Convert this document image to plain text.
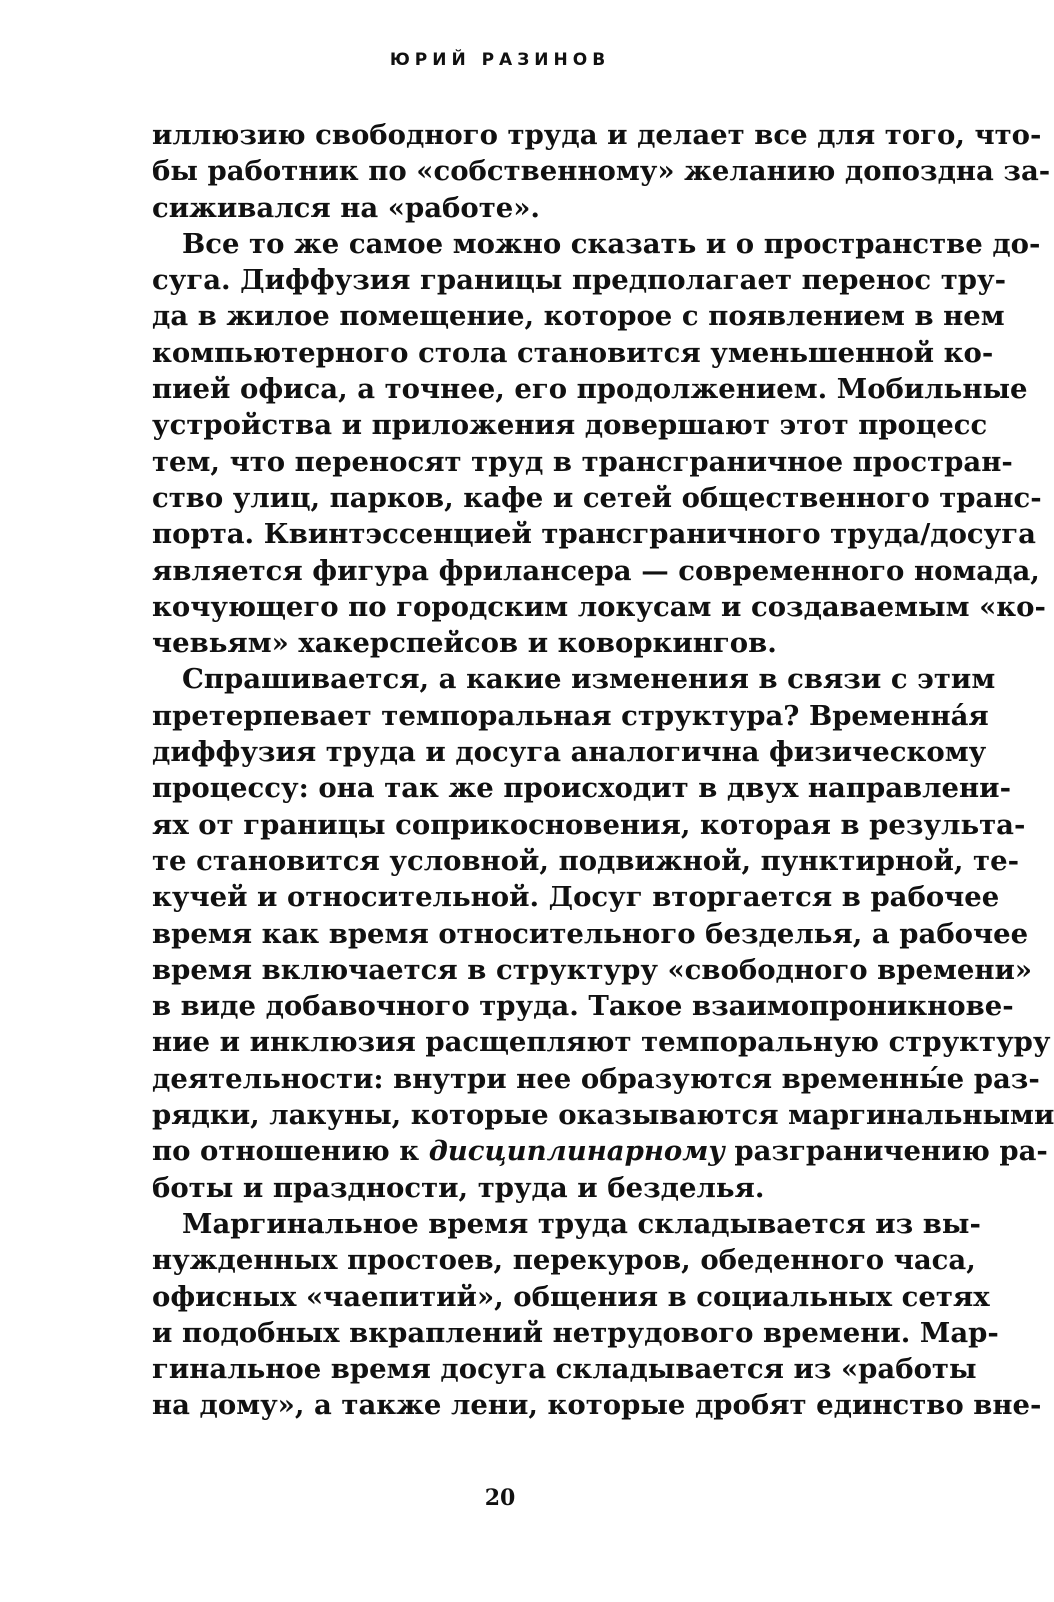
ЮРИЙ РАЗИНОВ
иллюзию свободного труда и делает все для того, что-
бы работник по «собственному» желанию допоздна за-
сиживался на «работе».
Все то же самое можно сказать и о пространстве до-
суга. Диффузия границы предполагает перенос тру-
да в жилое помещение, которое с появлением в нем
компьютерного стола становится уменьшенной ко-
пией офиса, а точнее, его продолжением. Мобильные
устройства и приложения довершают этот процесс
тем, что переносят труд в трансграничное простран-
ство улиц, парков, кафе и сетей общественного транс-
порта. Квинтэссенцией трансграничного труда/досуга
является фигура фрилансера — современного номада,
кочующего по городским локусам и создаваемым «ко-
чевьям» хакерспейсов и коворкингов.
Спрашивается, а какие изменения в связи с этим
претерпевает темпоральная структура? Временна́я
диффузия труда и досуга аналогична физическому
процессу: она так же происходит в двух направлени-
ях от границы соприкосновения, которая в результа-
те становится условной, подвижной, пунктирной, те-
кучей и относительной. Досуг вторгается в рабочее
время как время относительного безделья, а рабочее
время включается в структуру «свободного времени»
в виде добавочного труда. Такое взаимопроникнове-
ние и инклюзия расщепляют темпоральную структуру
деятельности: внутри нее образуются временны́е раз-
рядки, лакуны, которые оказываются маргинальными
по отношению к дисциплинарному разграничению ра-
боты и праздности, труда и безделья.
Маргинальное время труда складывается из вы-
нужденных простоев, перекуров, обеденного часа,
офисных «чаепитий», общения в социальных сетях
и подобных вкраплений нетрудового времени. Мар-
гинальное время досуга складывается из «работы
на дому», а также лени, которые дробят единство вне-
20
